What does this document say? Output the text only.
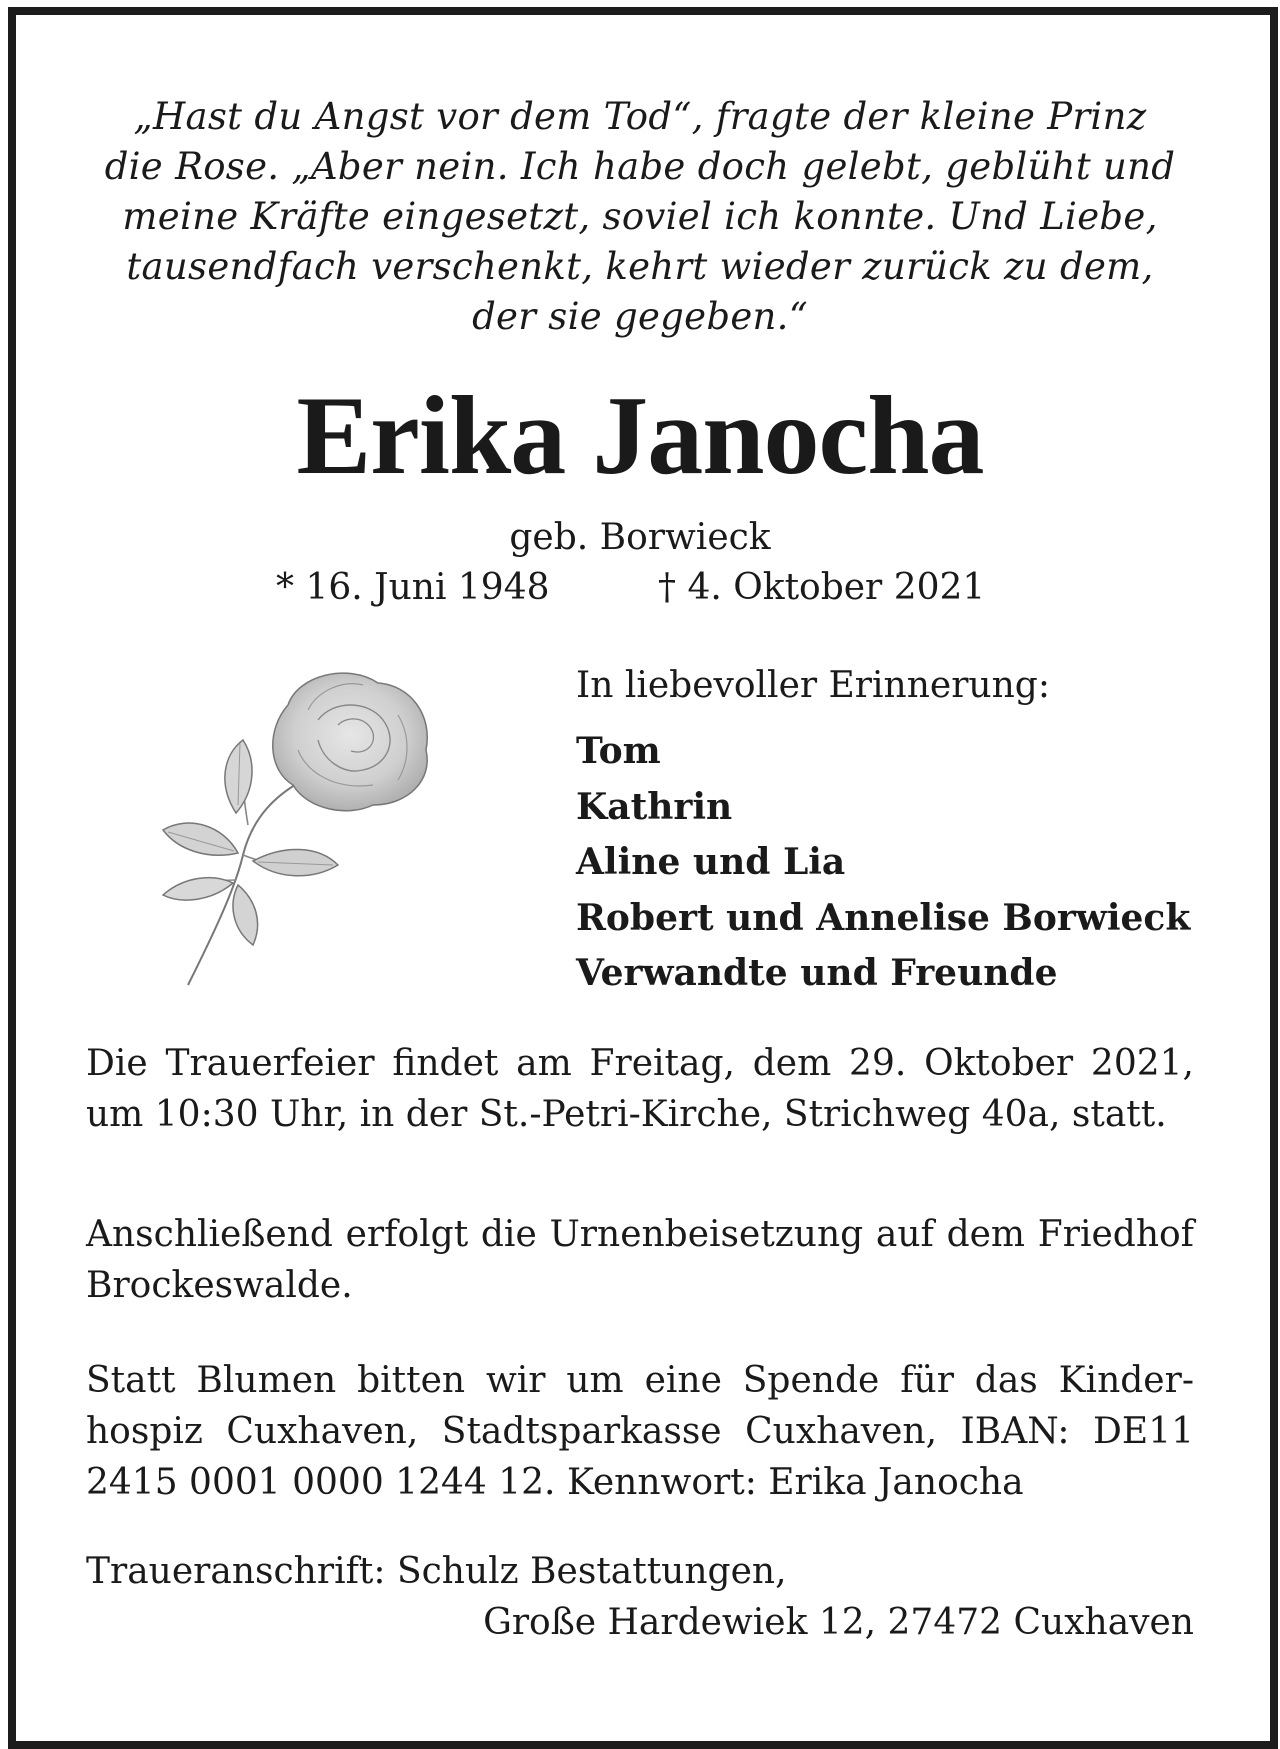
„Hast du Angst vor dem Tod“, fragte der kleine Prinz
die Rose. „Aber nein. Ich habe doch gelebt, geblüht und
meine Kräfte eingesetzt, soviel ich konnte. Und Liebe,
tausendfach verschenkt, kehrt wieder zurück zu dem,
der sie gegeben.“
Erika Janocha
geb. Borwieck
* 16. Juni 1948	† 4. Oktober 2021
In liebevoller Erinnerung:
Tom
Kathrin
Aline und Lia
Robert und Annelise Borwieck
Verwandte und Freunde
Die Trauerfeier findet am Freitag, dem 29. Oktober 2021, um 10:30 Uhr, in der St.-Petri-Kirche, Strichweg 40a, statt.
Anschließend erfolgt die Urnenbeisetzung auf dem Friedhof Brockeswalde.
Statt Blumen bitten wir um eine Spende für das Kinderhospiz Cuxhaven, Stadtsparkasse Cuxhaven, IBAN: DE11 2415 0001 0000 1244 12. Kennwort: Erika Janocha
Traueranschrift: Schulz Bestattungen,
Große Hardewiek 12, 27472 Cuxhaven
